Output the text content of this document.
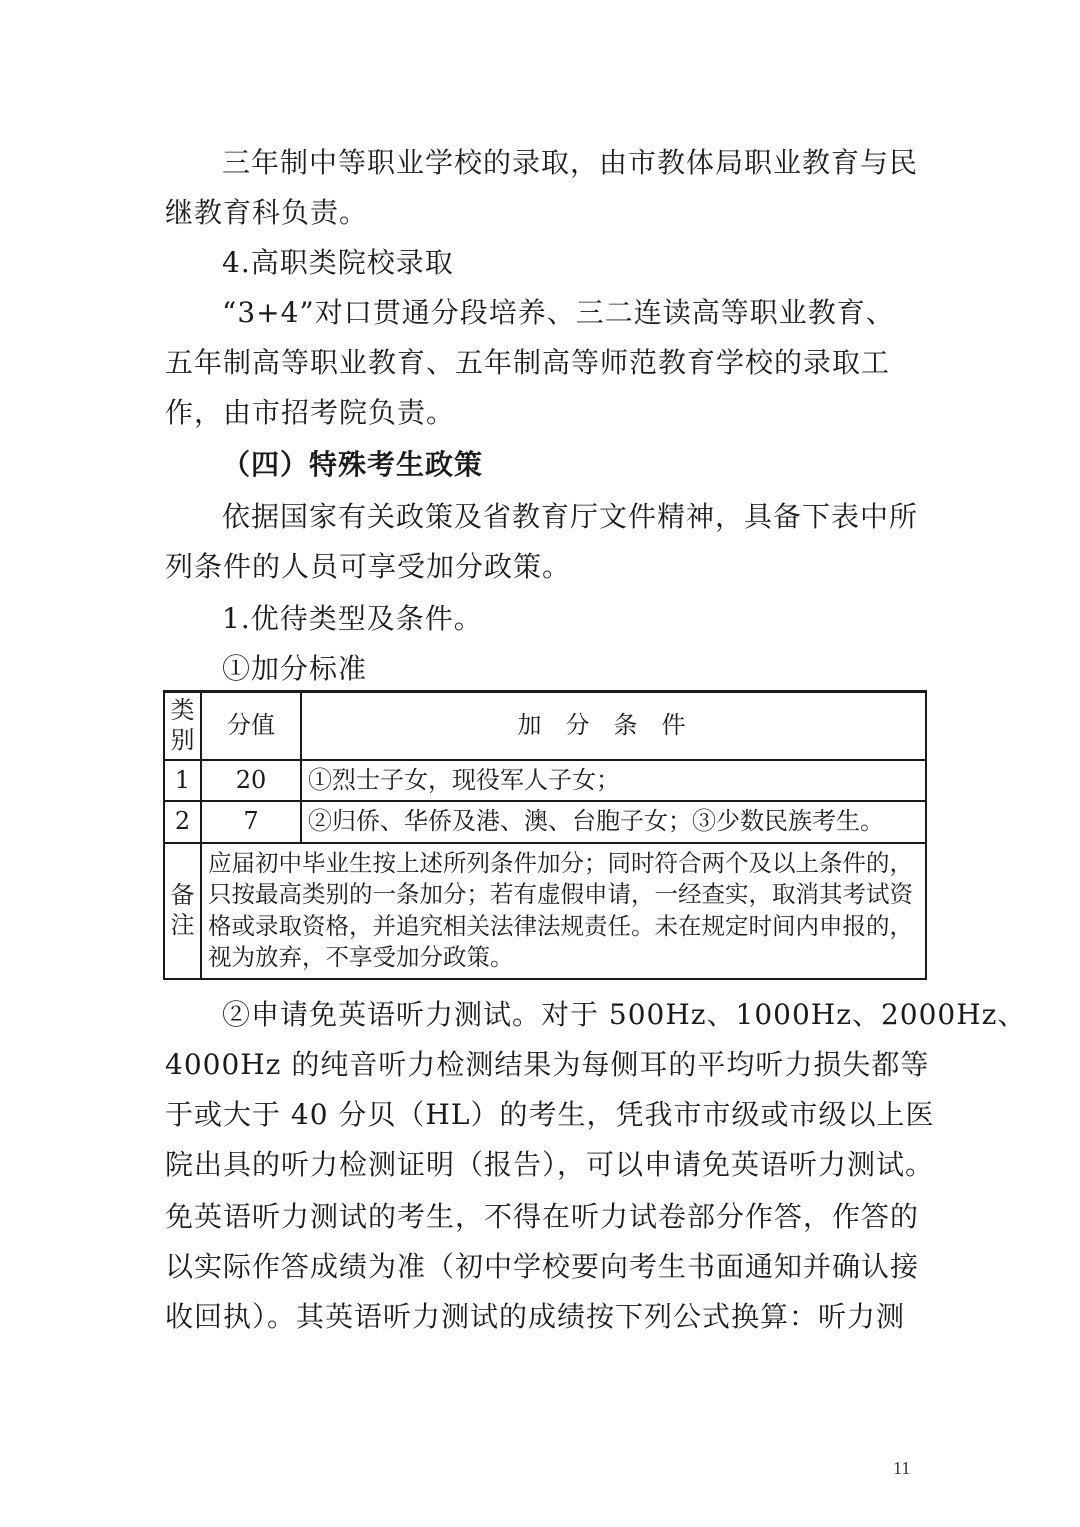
三年制中等职业学校的录取，由市教体局职业教育与民
继教育科负责。
4.高职类院校录取
“3+4”对口贯通分段培养、三二连读高等职业教育、
五年制高等职业教育、五年制高等师范教育学校的录取工
作，由市招考院负责。
（四）特殊考生政策
依据国家有关政策及省教育厅文件精神，具备下表中所
列条件的人员可享受加分政策。
1.优待类型及条件。
①加分标准
类别	分值	加分条件
1	20	①烈士子女，现役军人子女；
2	7	②归侨、华侨及港、澳、台胞子女；③少数民族考生。
备注	应届初中毕业生按上述所列条件加分；同时符合两个及以上条件的，只按最高类别的一条加分；若有虚假申请，一经查实，取消其考试资格或录取资格，并追究相关法律法规责任。未在规定时间内申报的，视为放弃，不享受加分政策。	
②申请免英语听力测试。对于 500Hz、1000Hz、2000Hz、
4000Hz 的纯音听力检测结果为每侧耳的平均听力损失都等
于或大于 40 分贝（HL）的考生，凭我市市级或市级以上医
院出具的听力检测证明（报告），可以申请免英语听力测试。
免英语听力测试的考生，不得在听力试卷部分作答，作答的
以实际作答成绩为准（初中学校要向考生书面通知并确认接
收回执）。其英语听力测试的成绩按下列公式换算：听力测
11
